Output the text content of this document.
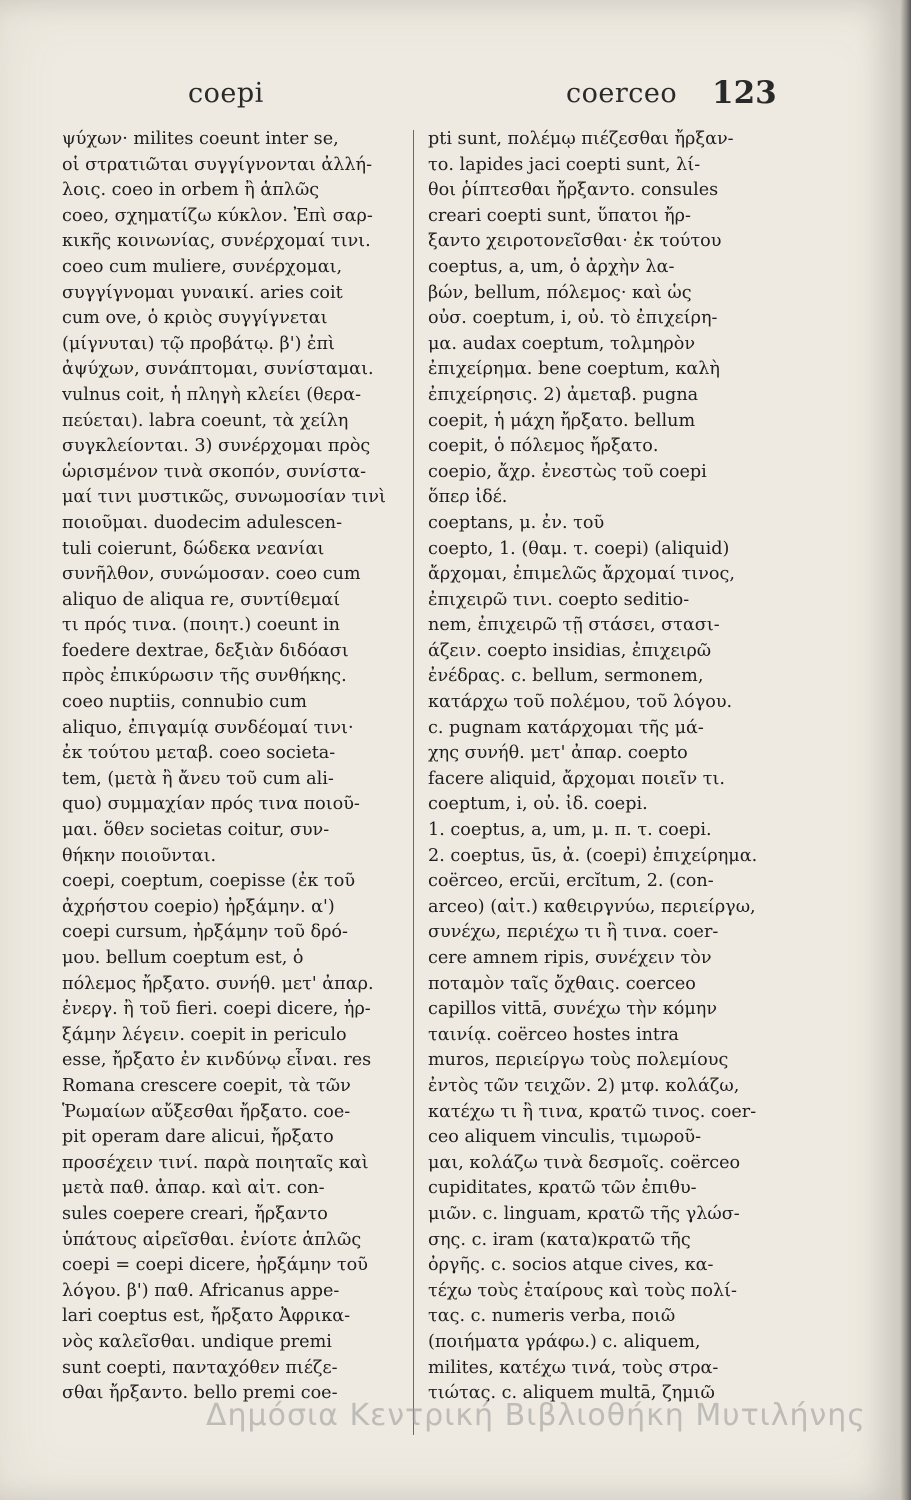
coepi	coerceo 123
ψύχων· milites coeunt inter se,
οἱ στρατιῶται συγγίγνονται ἀλλή-
λοις. coeo in orbem ἢ ἁπλῶς
coeo, σχηματίζω κύκλον. Ἐπὶ σαρ-
κικῆς κοινωνίας, συνέρχομαί τινι.
coeo cum muliere, συνέρχομαι,
συγγίγνομαι γυναικί. aries coit
cum ove, ὁ κριὸς συγγίγνεται
(μίγνυται) τῷ προβάτῳ. β') ἐπὶ
ἀψύχων, συνάπτομαι, συνίσταμαι.
vulnus coit, ἡ πληγὴ κλείει (θερα-
πεύεται). labra coeunt, τὰ χείλη
συγκλείονται. 3) συνέρχομαι πρὸς
ὡρισμένον τινὰ σκοπόν, συνίστα-
μαί τινι μυστικῶς, συνωμοσίαν τινὶ
ποιοῦμαι. duodecim adulescen-
tuli coierunt, δώδεκα νεανίαι
συνῆλθον, συνώμοσαν. coeo cum
aliquo de aliqua re, συντίθεμαί
τι πρός τινα. (ποιητ.) coeunt in
foedere dextrae, δεξιὰν διδόασι
πρὸς ἐπικύρωσιν τῆς συνθήκης.
coeo nuptiis, connubio cum
aliquo, ἐπιγαμίᾳ συνδέομαί τινι·
ἐκ τούτου μεταβ. coeo societa-
tem, (μετὰ ἢ ἄνευ τοῦ cum ali-
quo) συμμαχίαν πρός τινα ποιοῦ-
μαι. ὅθεν societas coitur, συν-
θήκην ποιοῦνται.
coepi, coeptum, coepisse (ἐκ τοῦ
ἀχρήστου coepio) ἠρξάμην. α')
coepi cursum, ἠρξάμην τοῦ δρό-
μου. bellum coeptum est, ὁ
πόλεμος ἤρξατο. συνήθ. μετ' ἀπαρ.
ἐνεργ. ἢ τοῦ fieri. coepi dicere, ἠρ-
ξάμην λέγειν. coepit in periculo
esse, ἤρξατο ἐν κινδύνῳ εἶναι. res
Romana crescere coepit, τὰ τῶν
Ῥωμαίων αὔξεσθαι ἤρξατο. coe-
pit operam dare alicui, ἤρξατο
προσέχειν τινί. παρὰ ποιηταῖς καὶ
μετὰ παθ. ἀπαρ. καὶ αἰτ. con-
sules coepere creari, ἤρξαντο
ὑπάτους αἱρεῖσθαι. ἐνίοτε ἁπλῶς
coepi = coepi dicere, ἠρξάμην τοῦ
λόγου. β') παθ. Africanus appe-
lari coeptus est, ἤρξατο Ἀφρικα-
νὸς καλεῖσθαι. undique premi
sunt coepti, πανταχόθεν πιέζε-
σθαι ἤρξαντο. bello premi coe-
pti sunt, πολέμῳ πιέζεσθαι ἤρξαν-
το. lapides jaci coepti sunt, λί-
θοι ῥίπτεσθαι ἤρξαντο. consules
creari coepti sunt, ὕπατοι ἤρ-
ξαντο χειροτονεῖσθαι· ἐκ τούτου
coeptus, a, um, ὁ ἀρχὴν λα-
βών, bellum, πόλεμος· καὶ ὡς
οὐσ. coeptum, i, οὐ. τὸ ἐπιχείρη-
μα. audax coeptum, τολμηρὸν
ἐπιχείρημα. bene coeptum, καλὴ
ἐπιχείρησις. 2) ἀμεταβ. pugna
coepit, ἡ μάχη ἤρξατο. bellum
coepit, ὁ πόλεμος ἤρξατο.
coepio, ἄχρ. ἐνεστὼς τοῦ coepi
ὅπερ ἰδέ.
coeptans, μ. ἐν. τοῦ
coepto, 1. (θαμ. τ. coepi) (aliquid)
ἄρχομαι, ἐπιμελῶς ἄρχομαί τινος,
ἐπιχειρῶ τινι. coepto seditio-
nem, ἐπιχειρῶ τῇ στάσει, στασι-
άζειν. coepto insidias, ἐπιχειρῶ
ἐνέδρας. c. bellum, sermonem,
κατάρχω τοῦ πολέμου, τοῦ λόγου.
c. pugnam κατάρχομαι τῆς μά-
χης συνήθ. μετ' ἀπαρ. coepto
facere aliquid, ἄρχομαι ποιεῖν τι.
coeptum, i, οὐ. ἰδ. coepi.
1. coeptus, a, um, μ. π. τ. coepi.
2. coeptus, ūs, ἀ. (coepi) ἐπιχείρημα.
coërceo, ercŭi, ercĭtum, 2. (con-
arceo) (αἰτ.) καθειργνύω, περιείργω,
συνέχω, περιέχω τι ἢ τινα. coer-
cere amnem ripis, συνέχειν τὸν
ποταμὸν ταῖς ὄχθαις. coerceo
capillos vittā, συνέχω τὴν κόμην
ταινίᾳ. coërceo hostes intra
muros, περιείργω τοὺς πολεμίους
ἐντὸς τῶν τειχῶν. 2) μτφ. κολάζω,
κατέχω τι ἢ τινα, κρατῶ τινος. coer-
ceo aliquem vinculis, τιμωροῦ-
μαι, κολάζω τινὰ δεσμοῖς. coërceo
cupiditates, κρατῶ τῶν ἐπιθυ-
μιῶν. c. linguam, κρατῶ τῆς γλώσ-
σης. c. iram (κατα)κρατῶ τῆς
ὀργῆς. c. socios atque cives, κα-
τέχω τοὺς ἑταίρους καὶ τοὺς πολί-
τας. c. numeris verba, ποιῶ
(ποιήματα γράφω.) c. aliquem,
milites, κατέχω τινά, τοὺς στρα-
τιώτας. c. aliquem multā, ζημιῶ
Δημόσια Κεντρική Βιβλιοθήκη Μυτιλήνης
